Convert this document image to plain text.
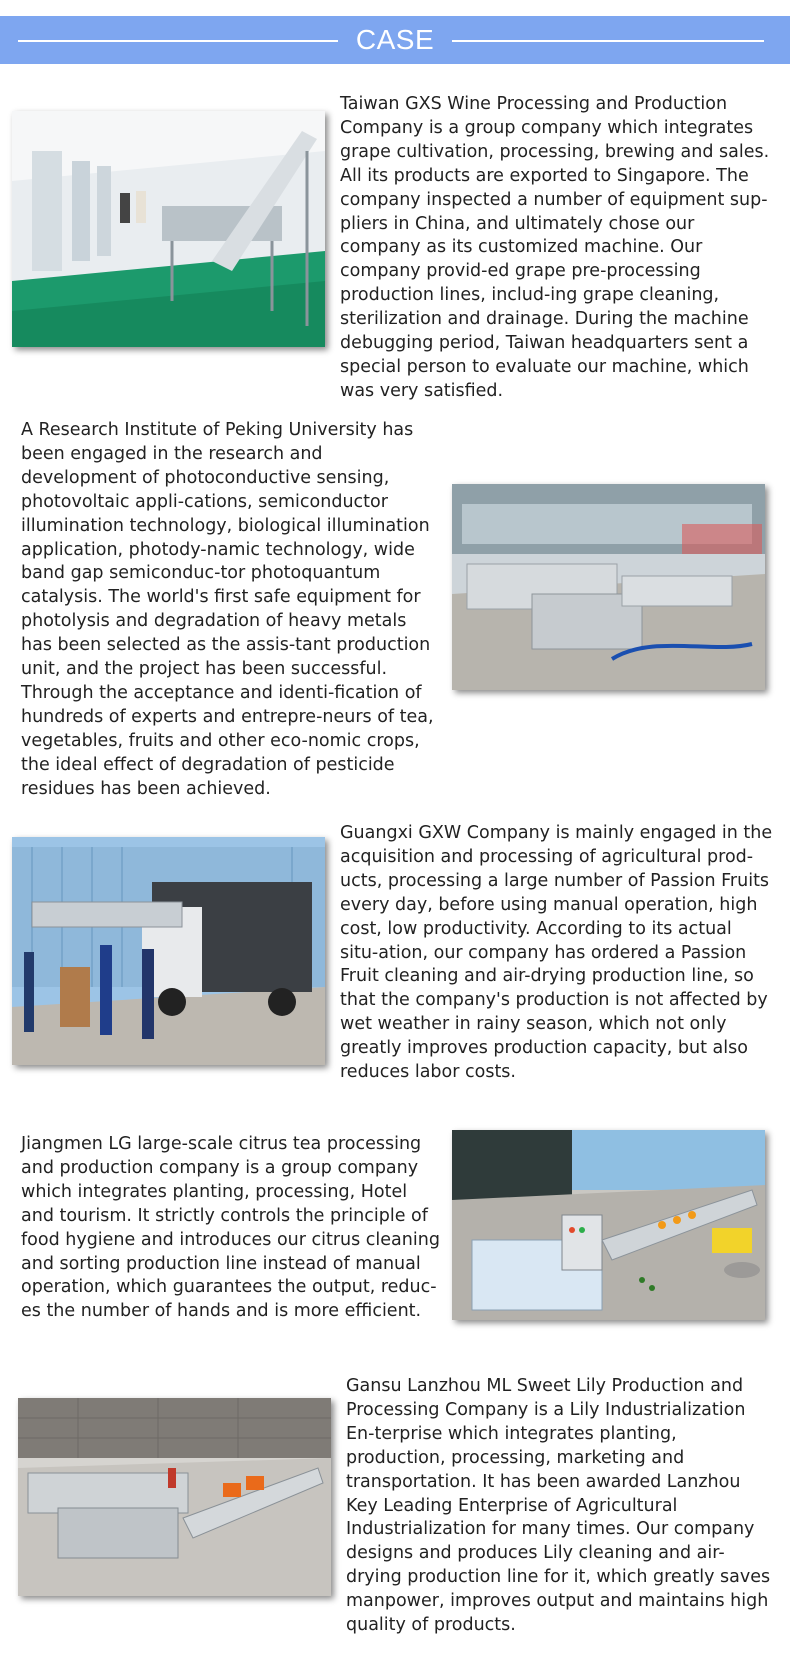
CASE

Taiwan GXS Wine Processing and Production Company is a group company which integrates grape cultivation, processing, brewing and sales. All its products are exported to Singapore. The company inspected a number of equipment sup-pliers in China, and ultimately chose our company as its customized machine. Our company provid-ed grape pre-processing production lines, includ-ing grape cleaning, sterilization and drainage. During the machine debugging period, Taiwan headquarters sent a special person to evaluate our machine, which was very satisfied.

A Research Institute of Peking University has been engaged in the research and development of photoconductive sensing, photovoltaic appli-cations, semiconductor illumination technology, biological illumination application, photody-namic technology, wide band gap semiconduc-tor photoquantum catalysis. The world's first safe equipment for photolysis and degradation of heavy metals has been selected as the assis-tant production unit, and the project has been successful. Through the acceptance and identi-fication of hundreds of experts and entrepre-neurs of tea, vegetables, fruits and other eco-nomic crops, the ideal effect of degradation of pesticide residues has been achieved.

Guangxi GXW Company is mainly engaged in the acquisition and processing of agricultural prod-ucts, processing a large number of Passion Fruits every day, before using manual operation, high cost, low productivity. According to its actual situ-ation, our company has ordered a Passion Fruit cleaning and air-drying production line, so that the company's production is not affected by wet weather in rainy season, which not only greatly improves production capacity, but also reduces labor costs.

Jiangmen LG large-scale citrus tea processing and production company is a group company which integrates planting, processing, Hotel and tourism. It strictly controls the principle of food hygiene and introduces our citrus cleaning and sorting production line instead of manual operation, which guarantees the output, reduc-es the number of hands and is more efficient.

Gansu Lanzhou ML Sweet Lily Production and Processing Company is a Lily Industrialization En-terprise which integrates planting, production, processing, marketing and transportation. It has been awarded Lanzhou Key Leading Enterprise of Agricultural Industrialization for many times. Our company designs and produces Lily cleaning and air-drying production line for it, which greatly saves manpower, improves output and maintains high quality of products.
